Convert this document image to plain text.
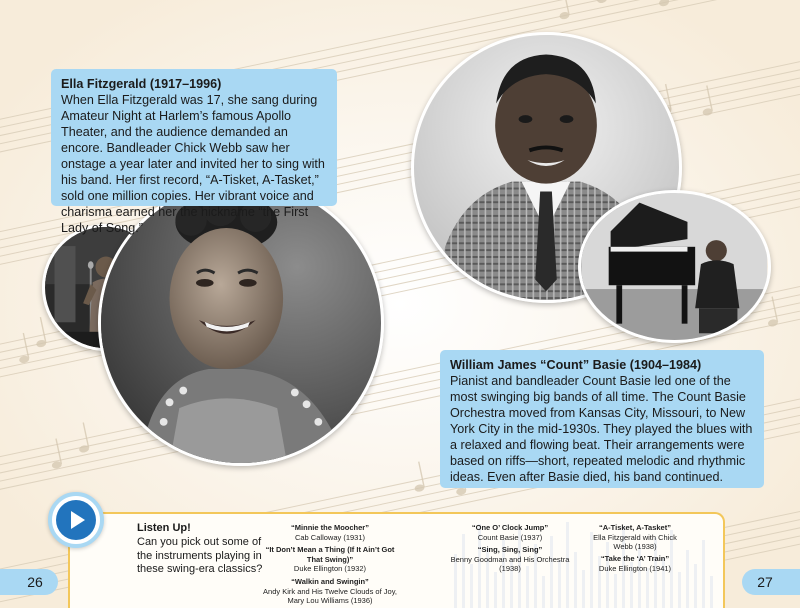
Ella Fitzgerald (1917–1996)
When Ella Fitzgerald was 17, she sang during Amateur Night at Harlem’s famous Apollo Theater, and the audience demanded an encore. Bandleader Chick Webb saw her onstage a year later and invited her to sing with his band. Her first record, “A-Tisket, A-Tasket,” sold one million copies. Her vibrant voice and charisma earned her the nickname “the First Lady of Song.”
William James “Count” Basie (1904–1984)
Pianist and bandleader Count Basie led one of the most swinging big bands of all time. The Count Basie Orchestra moved from Kansas City, Missouri, to New York City in the mid-1930s. They played the blues with a relaxed and flowing beat. Their arrangements were based on riffs—short, repeated melodic and rhythmic ideas. Even after Basie died, his band continued.
Listen Up!
Can you pick out some of the instruments playing in these swing-era classics?
“Minnie the Moocher”
Cab Calloway (1931)
“It Don’t Mean a Thing (If It Ain’t Got That Swing)”
Duke Ellington (1932)
“Walkin and Swingin”
Andy Kirk and His Twelve Clouds of Joy, Mary Lou Williams (1936)
“One O’ Clock Jump”
Count Basie (1937)
“Sing, Sing, Sing”
Benny Goodman and His Orchestra (1938)
“A-Tisket, A-Tasket”
Ella Fitzgerald with Chick Webb (1938)
“Take the ‘A’ Train”
Duke Ellington (1941)
26	27
